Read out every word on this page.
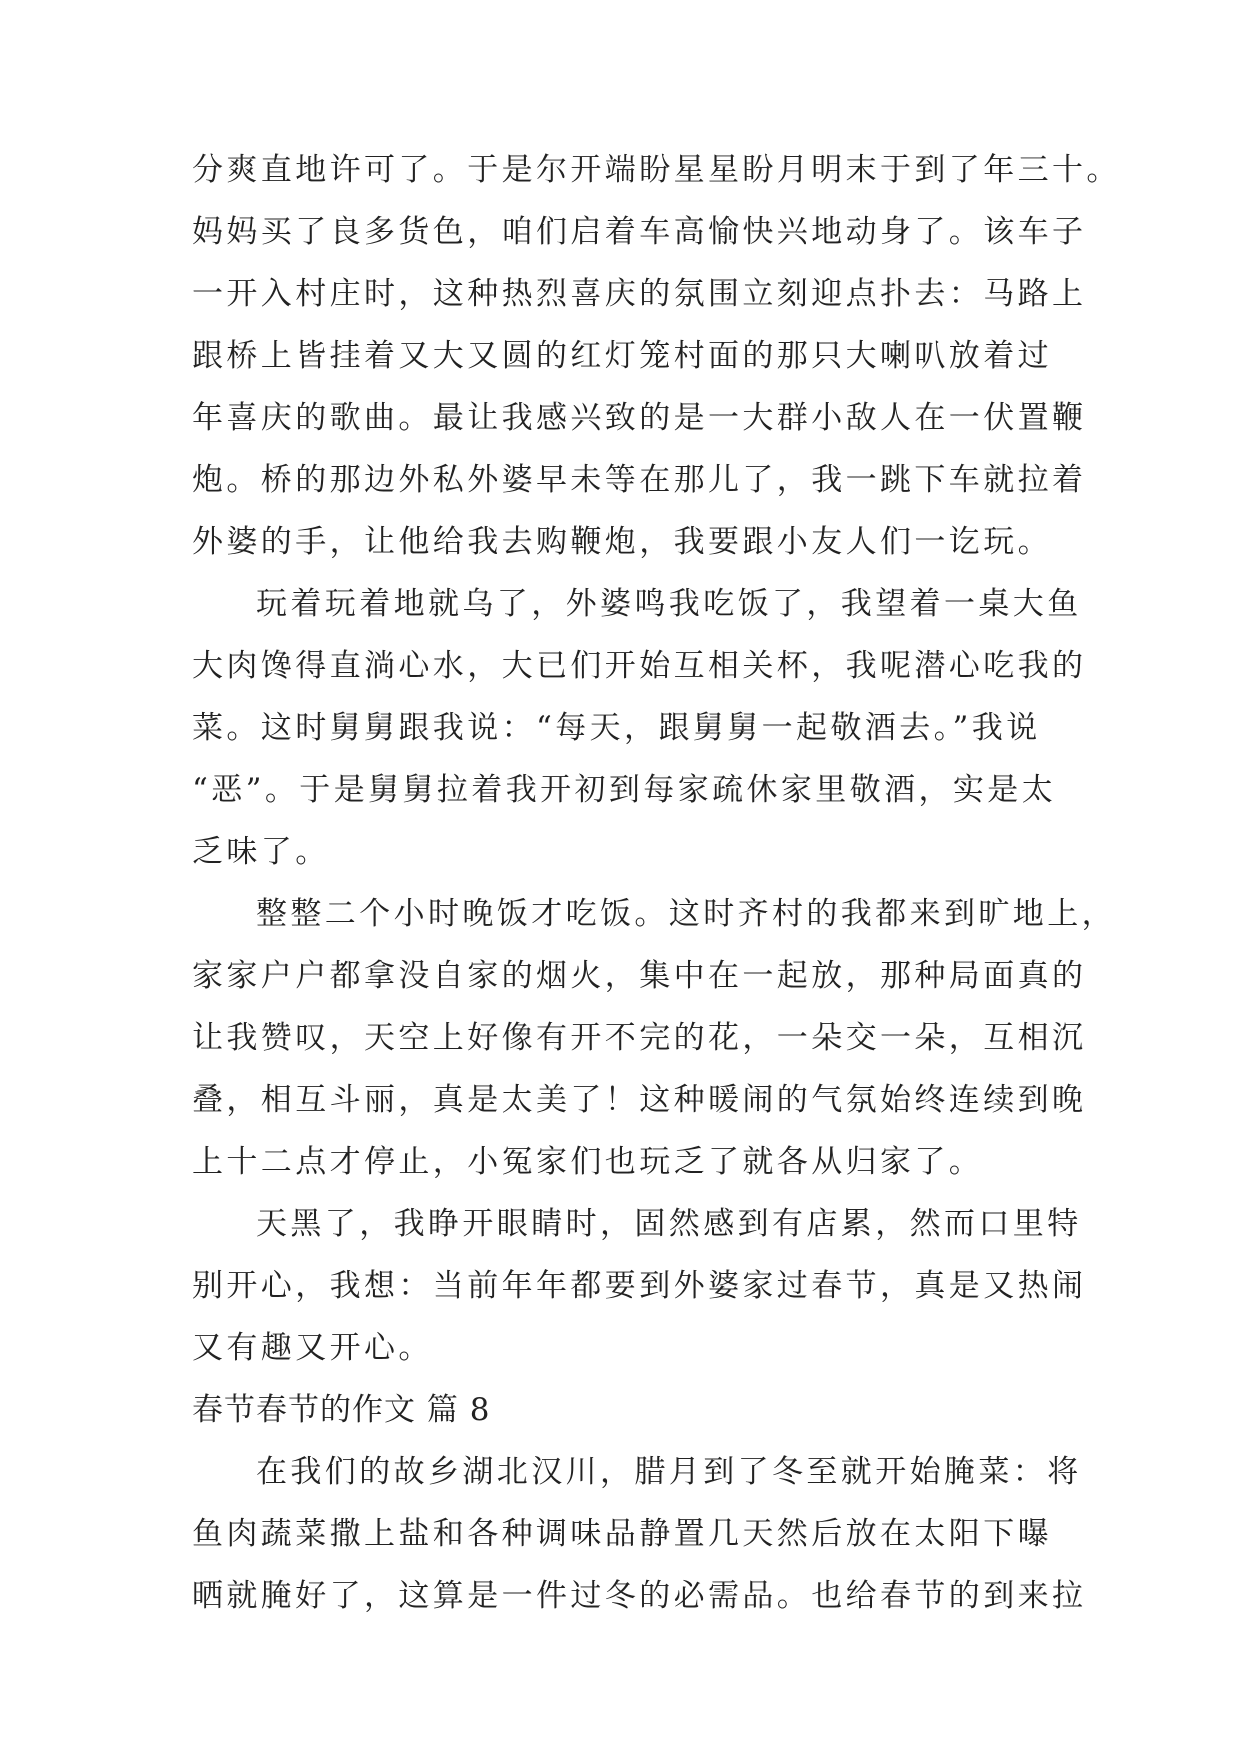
分爽直地许可了。于是尔开端盼星星盼月明末于到了年三十。
妈妈买了良多货色，咱们启着车高愉快兴地动身了。该车子
一开入村庄时，这种热烈喜庆的氛围立刻迎点扑去：马路上
跟桥上皆挂着又大又圆的红灯笼村面的那只大喇叭放着过
年喜庆的歌曲。最让我感兴致的是一大群小敌人在一伏置鞭
炮。桥的那边外私外婆早未等在那儿了，我一跳下车就拉着
外婆的手，让他给我去购鞭炮，我要跟小友人们一讫玩。
玩着玩着地就乌了，外婆鸣我吃饭了，我望着一桌大鱼
大肉馋得直淌心水，大已们开始互相关杯，我呢潜心吃我的
菜。这时舅舅跟我说：“每天，跟舅舅一起敬酒去。”我说
“恶”。于是舅舅拉着我开初到每家疏休家里敬酒，实是太
乏味了。
整整二个小时晚饭才吃饭。这时齐村的我都来到旷地上，
家家户户都拿没自家的烟火，集中在一起放，那种局面真的
让我赞叹，天空上好像有开不完的花，一朵交一朵，互相沉
叠，相互斗丽，真是太美了！这种暖闹的气氛始终连续到晚
上十二点才停止，小冤家们也玩乏了就各从归家了。
天黑了，我睁开眼睛时，固然感到有店累，然而口里特
别开心，我想：当前年年都要到外婆家过春节，真是又热闹
又有趣又开心。
春节春节的作文 篇 8
在我们的故乡湖北汉川，腊月到了冬至就开始腌菜：将
鱼肉蔬菜撒上盐和各种调味品静置几天然后放在太阳下曝
晒就腌好了，这算是一件过冬的必需品。也给春节的到来拉
